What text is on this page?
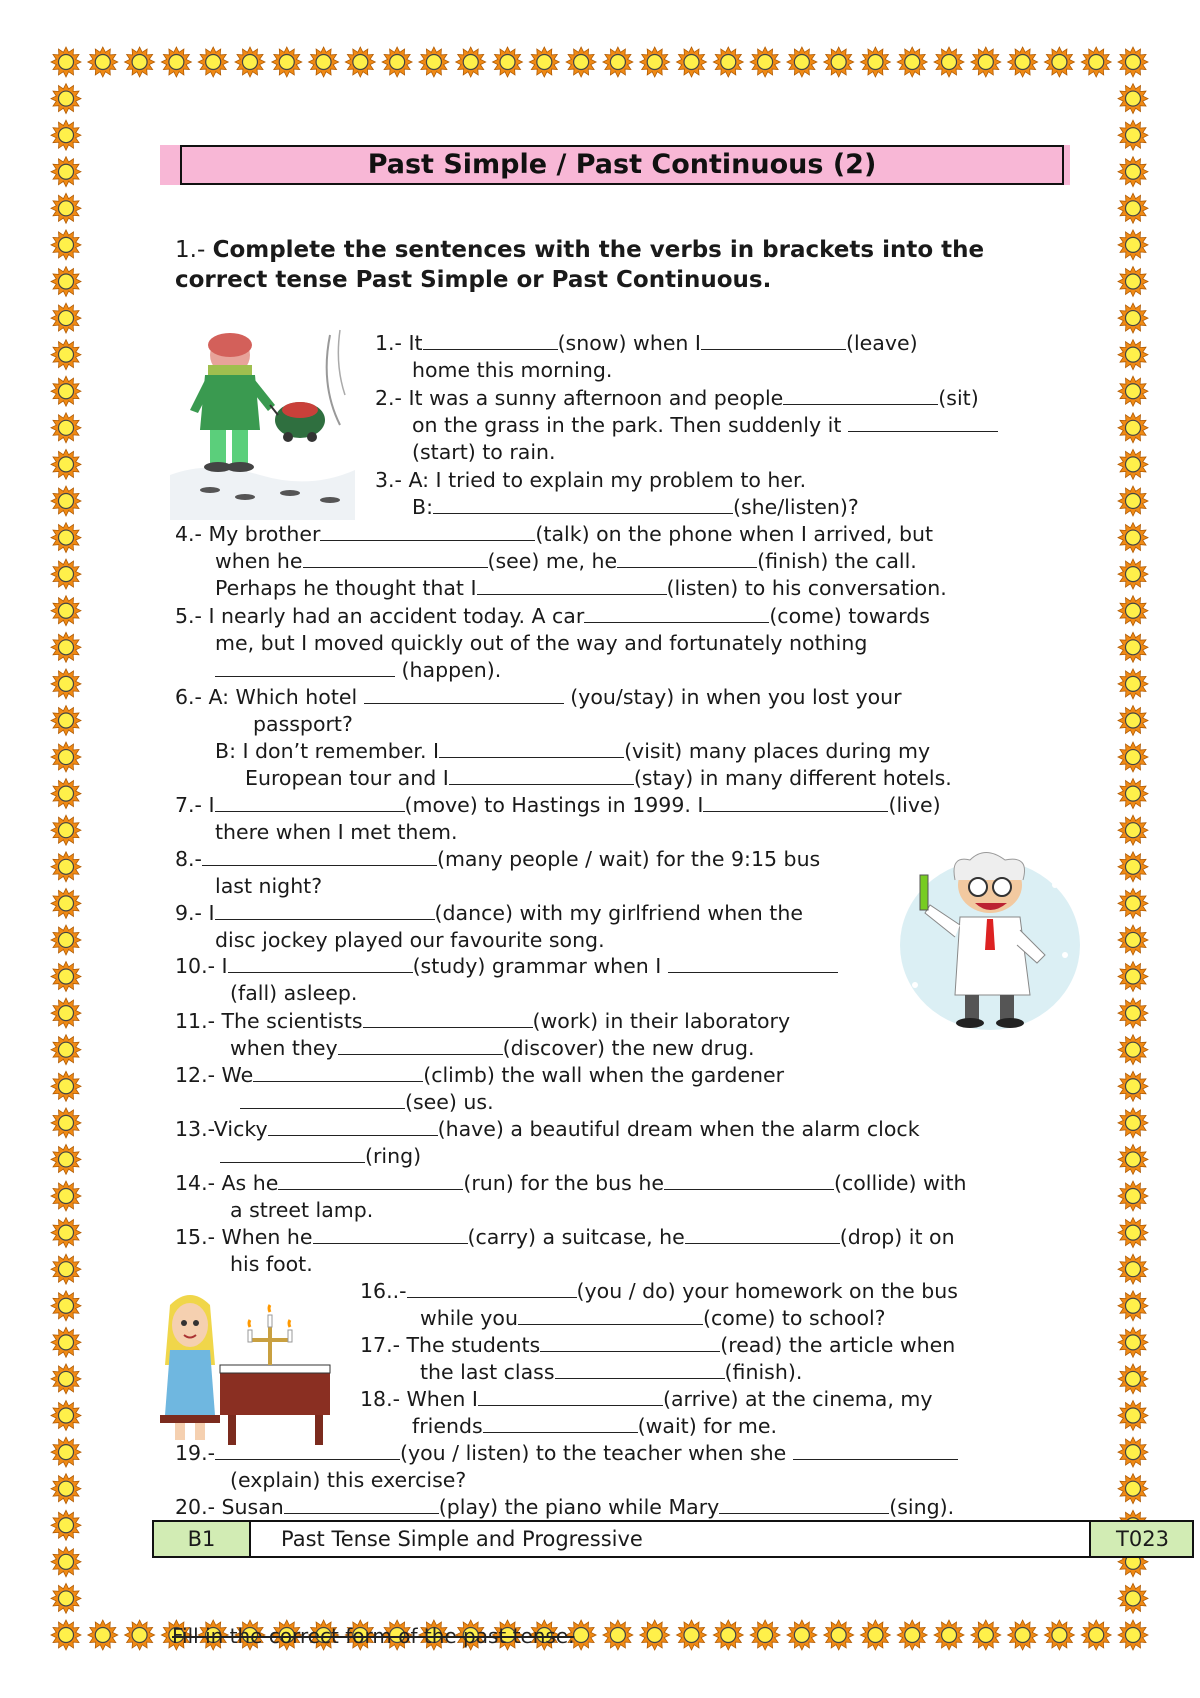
Past Simple / Past Continuous (2)
1.- Complete the sentences with the verbs in brackets into the correct tense Past Simple or Past Continuous.
1.- It	(snow) when I	(leave)
home this morning.
2.- It was a sunny afternoon and people	(sit)
on the grass in the park. Then suddenly it
(start) to rain.
3.- A: I tried to explain my problem to her.
B:	(she/listen)?
4.- My brother	(talk) on the phone when I arrived, but
when he	(see) me, he	(finish) the call.
Perhaps he thought that I	(listen) to his conversation.
5.- I nearly had an accident today. A car	(come) towards
me, but I moved quickly out of the way and fortunately nothing
(happen).
6.- A: Which hotel	(you/stay) in when you lost your
passport?
B: I don’t remember. I	(visit) many places during my
European tour and I	(stay) in many different hotels.
7.- I	(move) to Hastings in 1999. I	(live)
there when I met them.
8.-	(many people / wait) for the 9:15 bus
last night?
9.- I	(dance) with my girlfriend when the
disc jockey played our favourite song.
10.- I	(study) grammar when I
(fall) asleep.
11.- The scientists	(work) in their laboratory
when they	(discover) the new drug.
12.- We	(climb) the wall when the gardener
(see) us.
13.-Vicky	(have) a beautiful dream when the alarm clock
(ring)
14.- As he	(run) for the bus he	(collide) with
a street lamp.
15.- When he	(carry) a suitcase, he	(drop) it on
his foot.
16..-	(you / do) your homework on the bus
while you	(come) to school?
17.- The students	(read) the article when
the last class	(finish).
18.- When I	(arrive) at the cinema, my
friends	(wait) for me.
19.-	(you / listen) to the teacher when she
(explain) this exercise?
20.- Susan	(play) the piano while Mary	(sing).
B1	Past Tense Simple and Progressive	T023
Fill in the correct form of the past tense.
